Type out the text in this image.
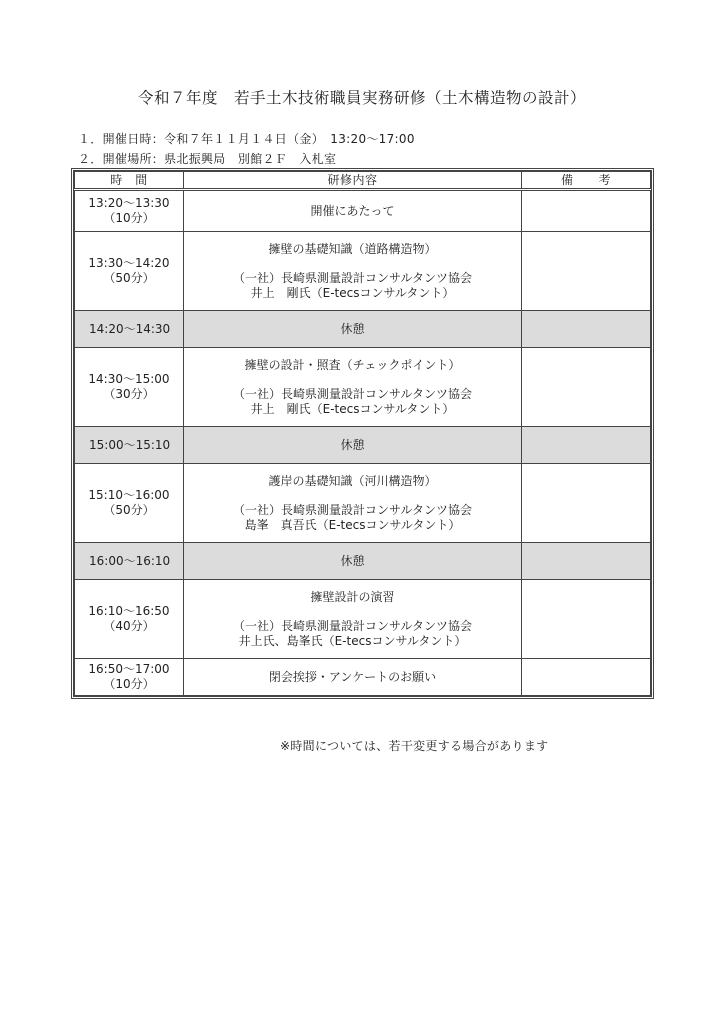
令和７年度　若手土木技術職員実務研修（土木構造物の設計）
１．開催日時：令和７年１１月１４日（金）　13:20～17:00
２．開催場所：県北振興局　別館２Ｆ　入札室
時　間	研修内容	備　　考

13:20～13:30
（10分）	開催にあたって	

13:30～14:20
（50分）	擁壁の基礎知識（道路構造物）
（一社）長崎県測量設計コンサルタンツ協会
井上　剛氏（E-tecsコンサルタント）	

14:20～14:30	休憩	

14:30～15:00
（30分）	擁壁の設計・照査（チェックポイント）
（一社）長崎県測量設計コンサルタンツ協会
井上　剛氏（E-tecsコンサルタント）	

15:00～15:10	休憩	

15:10～16:00
（50分）	護岸の基礎知識（河川構造物）
（一社）長崎県測量設計コンサルタンツ協会
島峯　真吾氏（E-tecsコンサルタント）	

16:00～16:10	休憩	

16:10～16:50
（40分）	擁壁設計の演習
（一社）長崎県測量設計コンサルタンツ協会
井上氏、島峯氏（E-tecsコンサルタント）	

16:50～17:00
（10分）	閉会挨拶・アンケートのお願い	
※時間については、若干変更する場合があります
